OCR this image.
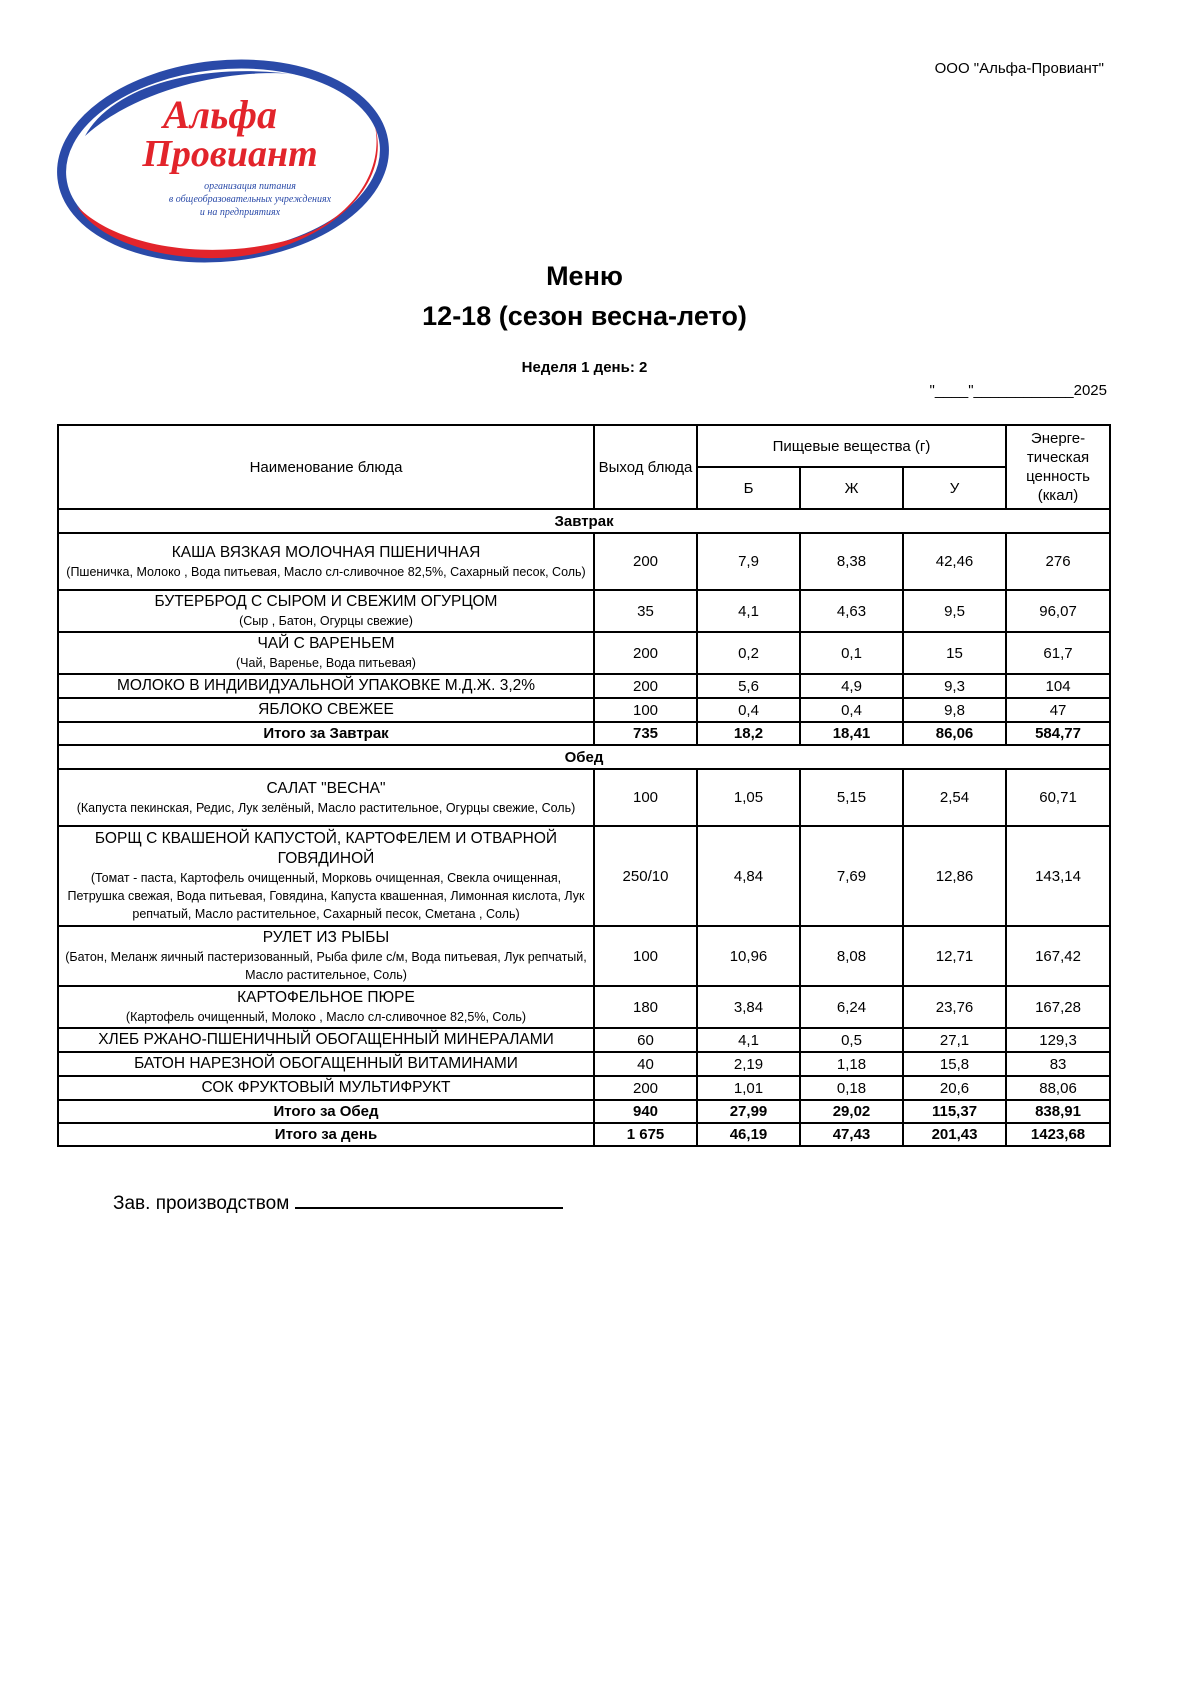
ООО "Альфа-Провиант"
Альфа
Провиант
организация питания
в общеобразовательных учреждениях
и на предприятиях
Меню
12-18 (сезон весна-лето)
Неделя 1 день: 2
"____"____________2025
Наименование блюда	Выход блюда	Пищевые вещества (г)			Энерге-тическая ценность (ккал)
		Б	Ж	У	
Завтрак					

КАША ВЯЗКАЯ МОЛОЧНАЯ ПШЕНИЧНАЯ
(Пшеничка, Молоко , Вода питьевая, Масло сл-сливочное 82,5%, Сахарный песок, Соль)	200	7,9	8,38	42,46	276

БУТЕРБРОД С СЫРОМ И СВЕЖИМ ОГУРЦОМ
(Сыр , Батон, Огурцы свежие)	35	4,1	4,63	9,5	96,07

ЧАЙ С ВАРЕНЬЕМ
(Чай, Варенье, Вода питьевая)	200	0,2	0,1	15	61,7

МОЛОКО В ИНДИВИДУАЛЬНОЙ УПАКОВКЕ М.Д.Ж. 3,2%	200	5,6	4,9	9,3	104

ЯБЛОКО СВЕЖЕЕ	100	0,4	0,4	9,8	47
Итого за Завтрак	735	18,2	18,41	86,06	584,77
Обед					

САЛАТ "ВЕСНА"
(Капуста пекинская, Редис, Лук зелёный, Масло растительное, Огурцы свежие, Соль)	100	1,05	5,15	2,54	60,71

БОРЩ С КВАШЕНОЙ КАПУСТОЙ, КАРТОФЕЛЕМ И ОТВАРНОЙ ГОВЯДИНОЙ
(Томат - паста, Картофель очищенный, Морковь очищенная, Свекла очищенная, Петрушка свежая, Вода питьевая, Говядина, Капуста квашенная, Лимонная кислота, Лук репчатый, Масло растительное, Сахарный песок, Сметана , Соль)	250/10	4,84	7,69	12,86	143,14

РУЛЕТ ИЗ РЫБЫ
(Батон, Меланж яичный пастеризованный, Рыба филе с/м, Вода питьевая, Лук репчатый, Масло растительное, Соль)	100	10,96	8,08	12,71	167,42

КАРТОФЕЛЬНОЕ ПЮРЕ
(Картофель очищенный, Молоко , Масло сл-сливочное 82,5%, Соль)	180	3,84	6,24	23,76	167,28

ХЛЕБ РЖАНО-ПШЕНИЧНЫЙ ОБОГАЩЕННЫЙ МИНЕРАЛАМИ	60	4,1	0,5	27,1	129,3

БАТОН НАРЕЗНОЙ ОБОГАЩЕННЫЙ ВИТАМИНАМИ	40	2,19	1,18	15,8	83

СОК ФРУКТОВЫЙ МУЛЬТИФРУКТ	200	1,01	0,18	20,6	88,06
Итого за Обед	940	27,99	29,02	115,37	838,91
Итого за день	1 675	46,19	47,43	201,43	1423,68
Зав. производством
